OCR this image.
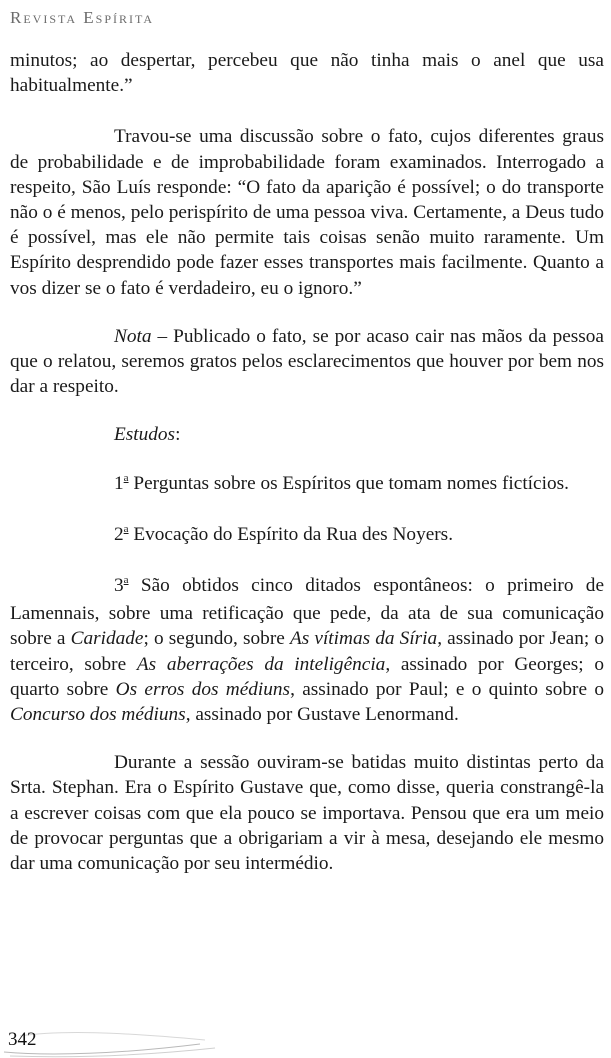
Revista Espírita

minutos; ao despertar, percebeu que não tinha mais o anel que usa habitualmente.”

Travou-se uma discussão sobre o fato, cujos diferentes graus de probabilidade e de improbabilidade foram examinados. Interrogado a respeito, São Luís responde: “O fato da aparição é possível; o do transporte não o é menos, pelo perispírito de uma pessoa viva. Certamente, a Deus tudo é possível, mas ele não permite tais coisas senão muito raramente. Um Espírito desprendido pode fazer esses transportes mais facilmente. Quanto a vos dizer se o fato é verdadeiro, eu o ignoro.”

Nota – Publicado o fato, se por acaso cair nas mãos da pessoa que o relatou, seremos gratos pelos esclarecimentos que houver por bem nos dar a respeito.

Estudos:

1$^a$ Perguntas sobre os Espíritos que tomam nomes fictícios.

2$^a$ Evocação do Espírito da Rua des Noyers.

3$^a$ São obtidos cinco ditados espontâneos: o primeiro de Lamennais, sobre uma retificação que pede, da ata de sua comunicação sobre a Caridade; o segundo, sobre As vítimas da Síria, assinado por Jean; o terceiro, sobre As aberrações da inteligência, assinado por Georges; o quarto sobre Os erros dos médiuns, assinado por Paul; e o quinto sobre o Concurso dos médiuns, assinado por Gustave Lenormand.

Durante a sessão ouviram-se batidas muito distintas perto da Srta. Stephan. Era o Espírito Gustave que, como disse, queria constrangê-la a escrever coisas com que ela pouco se importava. Pensou que era um meio de provocar perguntas que a obrigariam a vir à mesa, desejando ele mesmo dar uma comunicação por seu intermédio.

342
